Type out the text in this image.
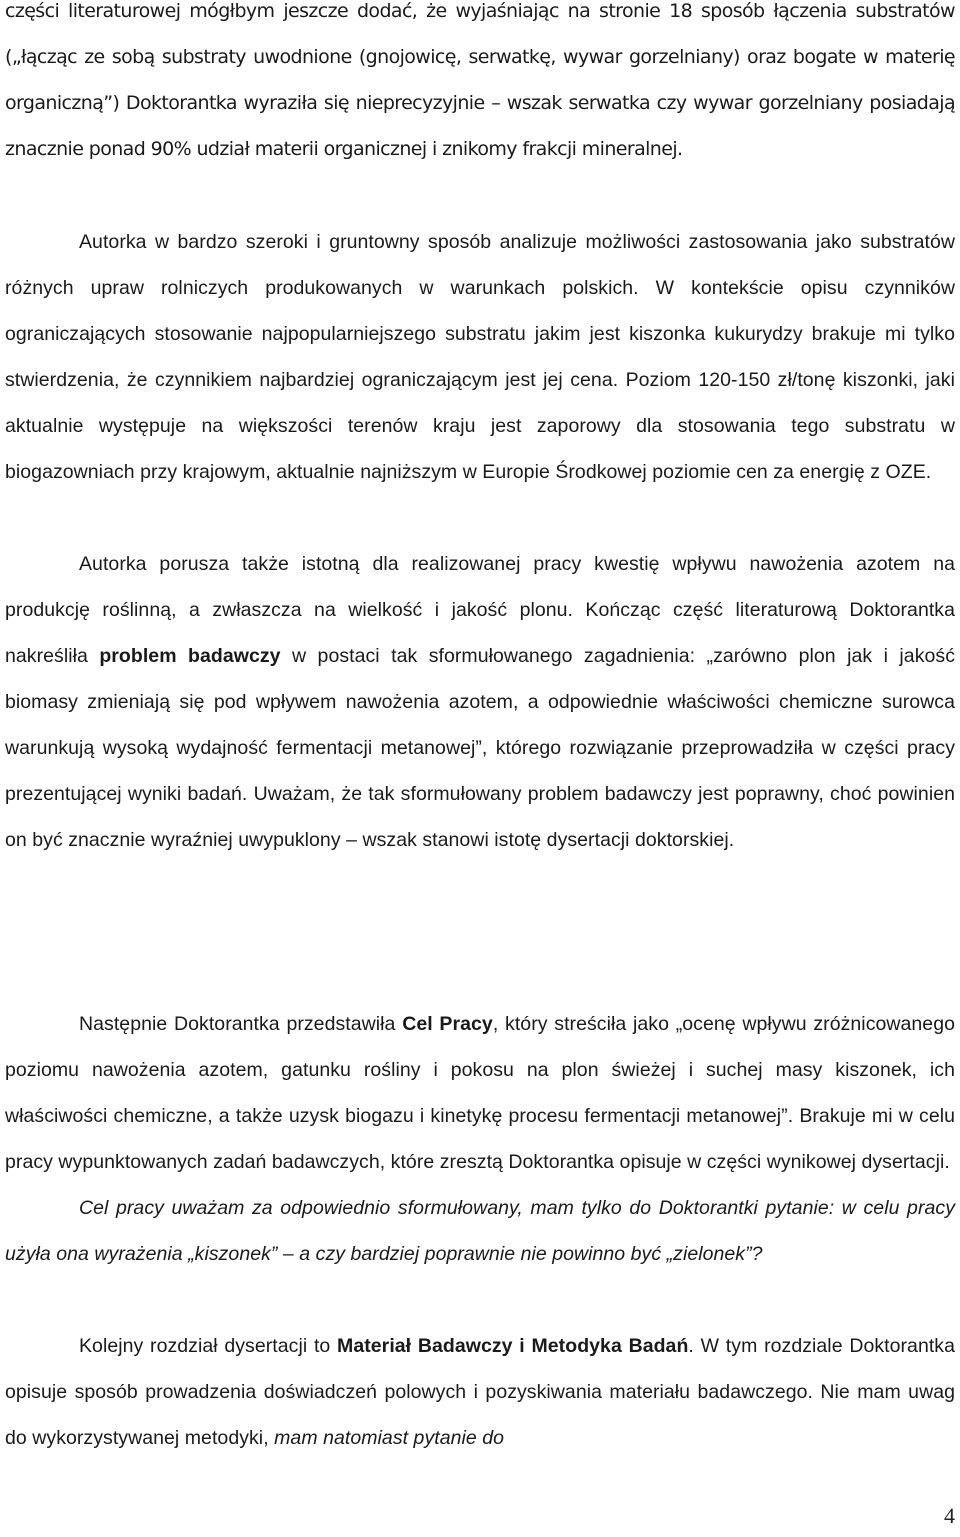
części literaturowej mógłbym jeszcze dodać, że wyjaśniając na stronie 18 sposób łączenia substratów („łącząc ze sobą substraty uwodnione (gnojowicę, serwatkę, wywar gorzelniany) oraz bogate w materię organiczną”) Doktorantka wyraziła się nieprecyzyjnie – wszak serwatka czy wywar gorzelniany posiadają znacznie ponad 90% udział materii organicznej i znikomy frakcji mineralnej.

Autorka w bardzo szeroki i gruntowny sposób analizuje możliwości zastosowania jako substratów różnych upraw rolniczych produkowanych w warunkach polskich. W kontekście opisu czynników ograniczających stosowanie najpopularniejszego substratu jakim jest kiszonka kukurydzy brakuje mi tylko stwierdzenia, że czynnikiem najbardziej ograniczającym jest jej cena. Poziom 120-150 zł/tonę kiszonki, jaki aktualnie występuje na większości terenów kraju jest zaporowy dla stosowania tego substratu w biogazowniach przy krajowym, aktualnie najniższym w Europie Środkowej poziomie cen za energię z OZE.

Autorka porusza także istotną dla realizowanej pracy kwestię wpływu nawożenia azotem na produkcję roślinną, a zwłaszcza na wielkość i jakość plonu. Kończąc część literaturową Doktorantka nakreśliła problem badawczy w postaci tak sformułowanego zagadnienia: „zarówno plon jak i jakość biomasy zmieniają się pod wpływem nawożenia azotem, a odpowiednie właściwości chemiczne surowca warunkują wysoką wydajność fermentacji metanowej”, którego rozwiązanie przeprowadziła w części pracy prezentującej wyniki badań. Uważam, że tak sformułowany problem badawczy jest poprawny, choć powinien on być znacznie wyraźniej uwypuklony – wszak stanowi istotę dysertacji doktorskiej.

Następnie Doktorantka przedstawiła Cel Pracy, który streściła jako „ocenę wpływu zróżnicowanego poziomu nawożenia azotem, gatunku rośliny i pokosu na plon świeżej i suchej masy kiszonek, ich właściwości chemiczne, a także uzysk biogazu i kinetykę procesu fermentacji metanowej”. Brakuje mi w celu pracy wypunktowanych zadań badawczych, które zresztą Doktorantka opisuje w części wynikowej dysertacji.

Cel pracy uważam za odpowiednio sformułowany, mam tylko do Doktorantki pytanie: w celu pracy użyła ona wyrażenia „kiszonek” – a czy bardziej poprawnie nie powinno być „zielonek”?

Kolejny rozdział dysertacji to Materiał Badawczy i Metodyka Badań. W tym rozdziale Doktorantka opisuje sposób prowadzenia doświadczeń polowych i pozyskiwania materiału badawczego. Nie mam uwag do wykorzystywanej metodyki, mam natomiast pytanie do

4
